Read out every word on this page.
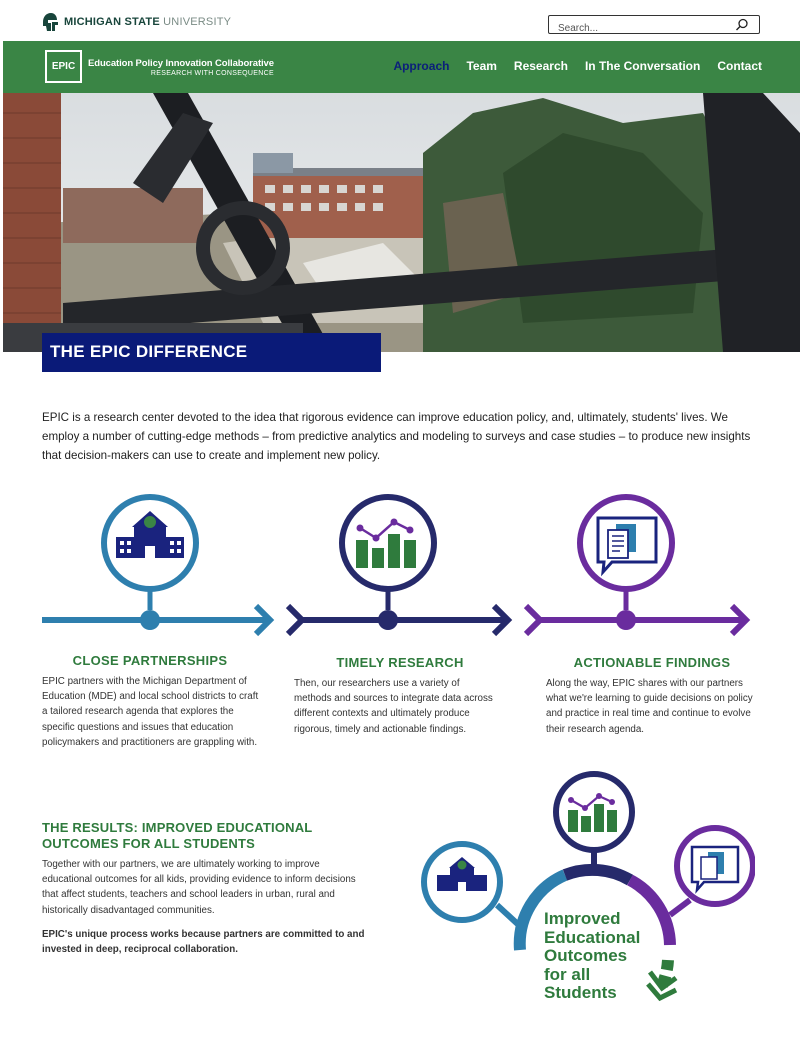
MICHIGAN STATE UNIVERSITY
Search...
EPIC Education Policy Innovation Collaborative
RESEARCH WITH CONSEQUENCE
Approach Team Research In The Conversation Contact
THE EPIC DIFFERENCE

EPIC is a research center devoted to the idea that rigorous evidence can improve education policy, and, ultimately, students' lives. We employ a number of cutting-edge methods – from predictive analytics and modeling to surveys and case studies – to produce new insights that decision-makers can use to create and implement new policy.

CLOSE PARTNERSHIPS
EPIC partners with the Michigan Department of Education (MDE) and local school districts to craft a tailored research agenda that explores the specific questions and issues that education policymakers and practitioners are grappling with.
TIMELY RESEARCH
Then, our researchers use a variety of methods and sources to integrate data across different contexts and ultimately produce rigorous, timely and actionable findings.
ACTIONABLE FINDINGS
Along the way, EPIC shares with our partners what we're learning to guide decisions on policy and practice in real time and continue to evolve their research agenda.
THE RESULTS: IMPROVED EDUCATIONAL OUTCOMES FOR ALL STUDENTS
Together with our partners, we are ultimately working to improve educational outcomes for all kids, providing evidence to inform decisions that affect students, teachers and school leaders in urban, rural and historically disadvantaged communities.
EPIC's unique process works because partners are committed to and invested in deep, reciprocal collaboration.
Improved
Educational
Outcomes
for all
Students
